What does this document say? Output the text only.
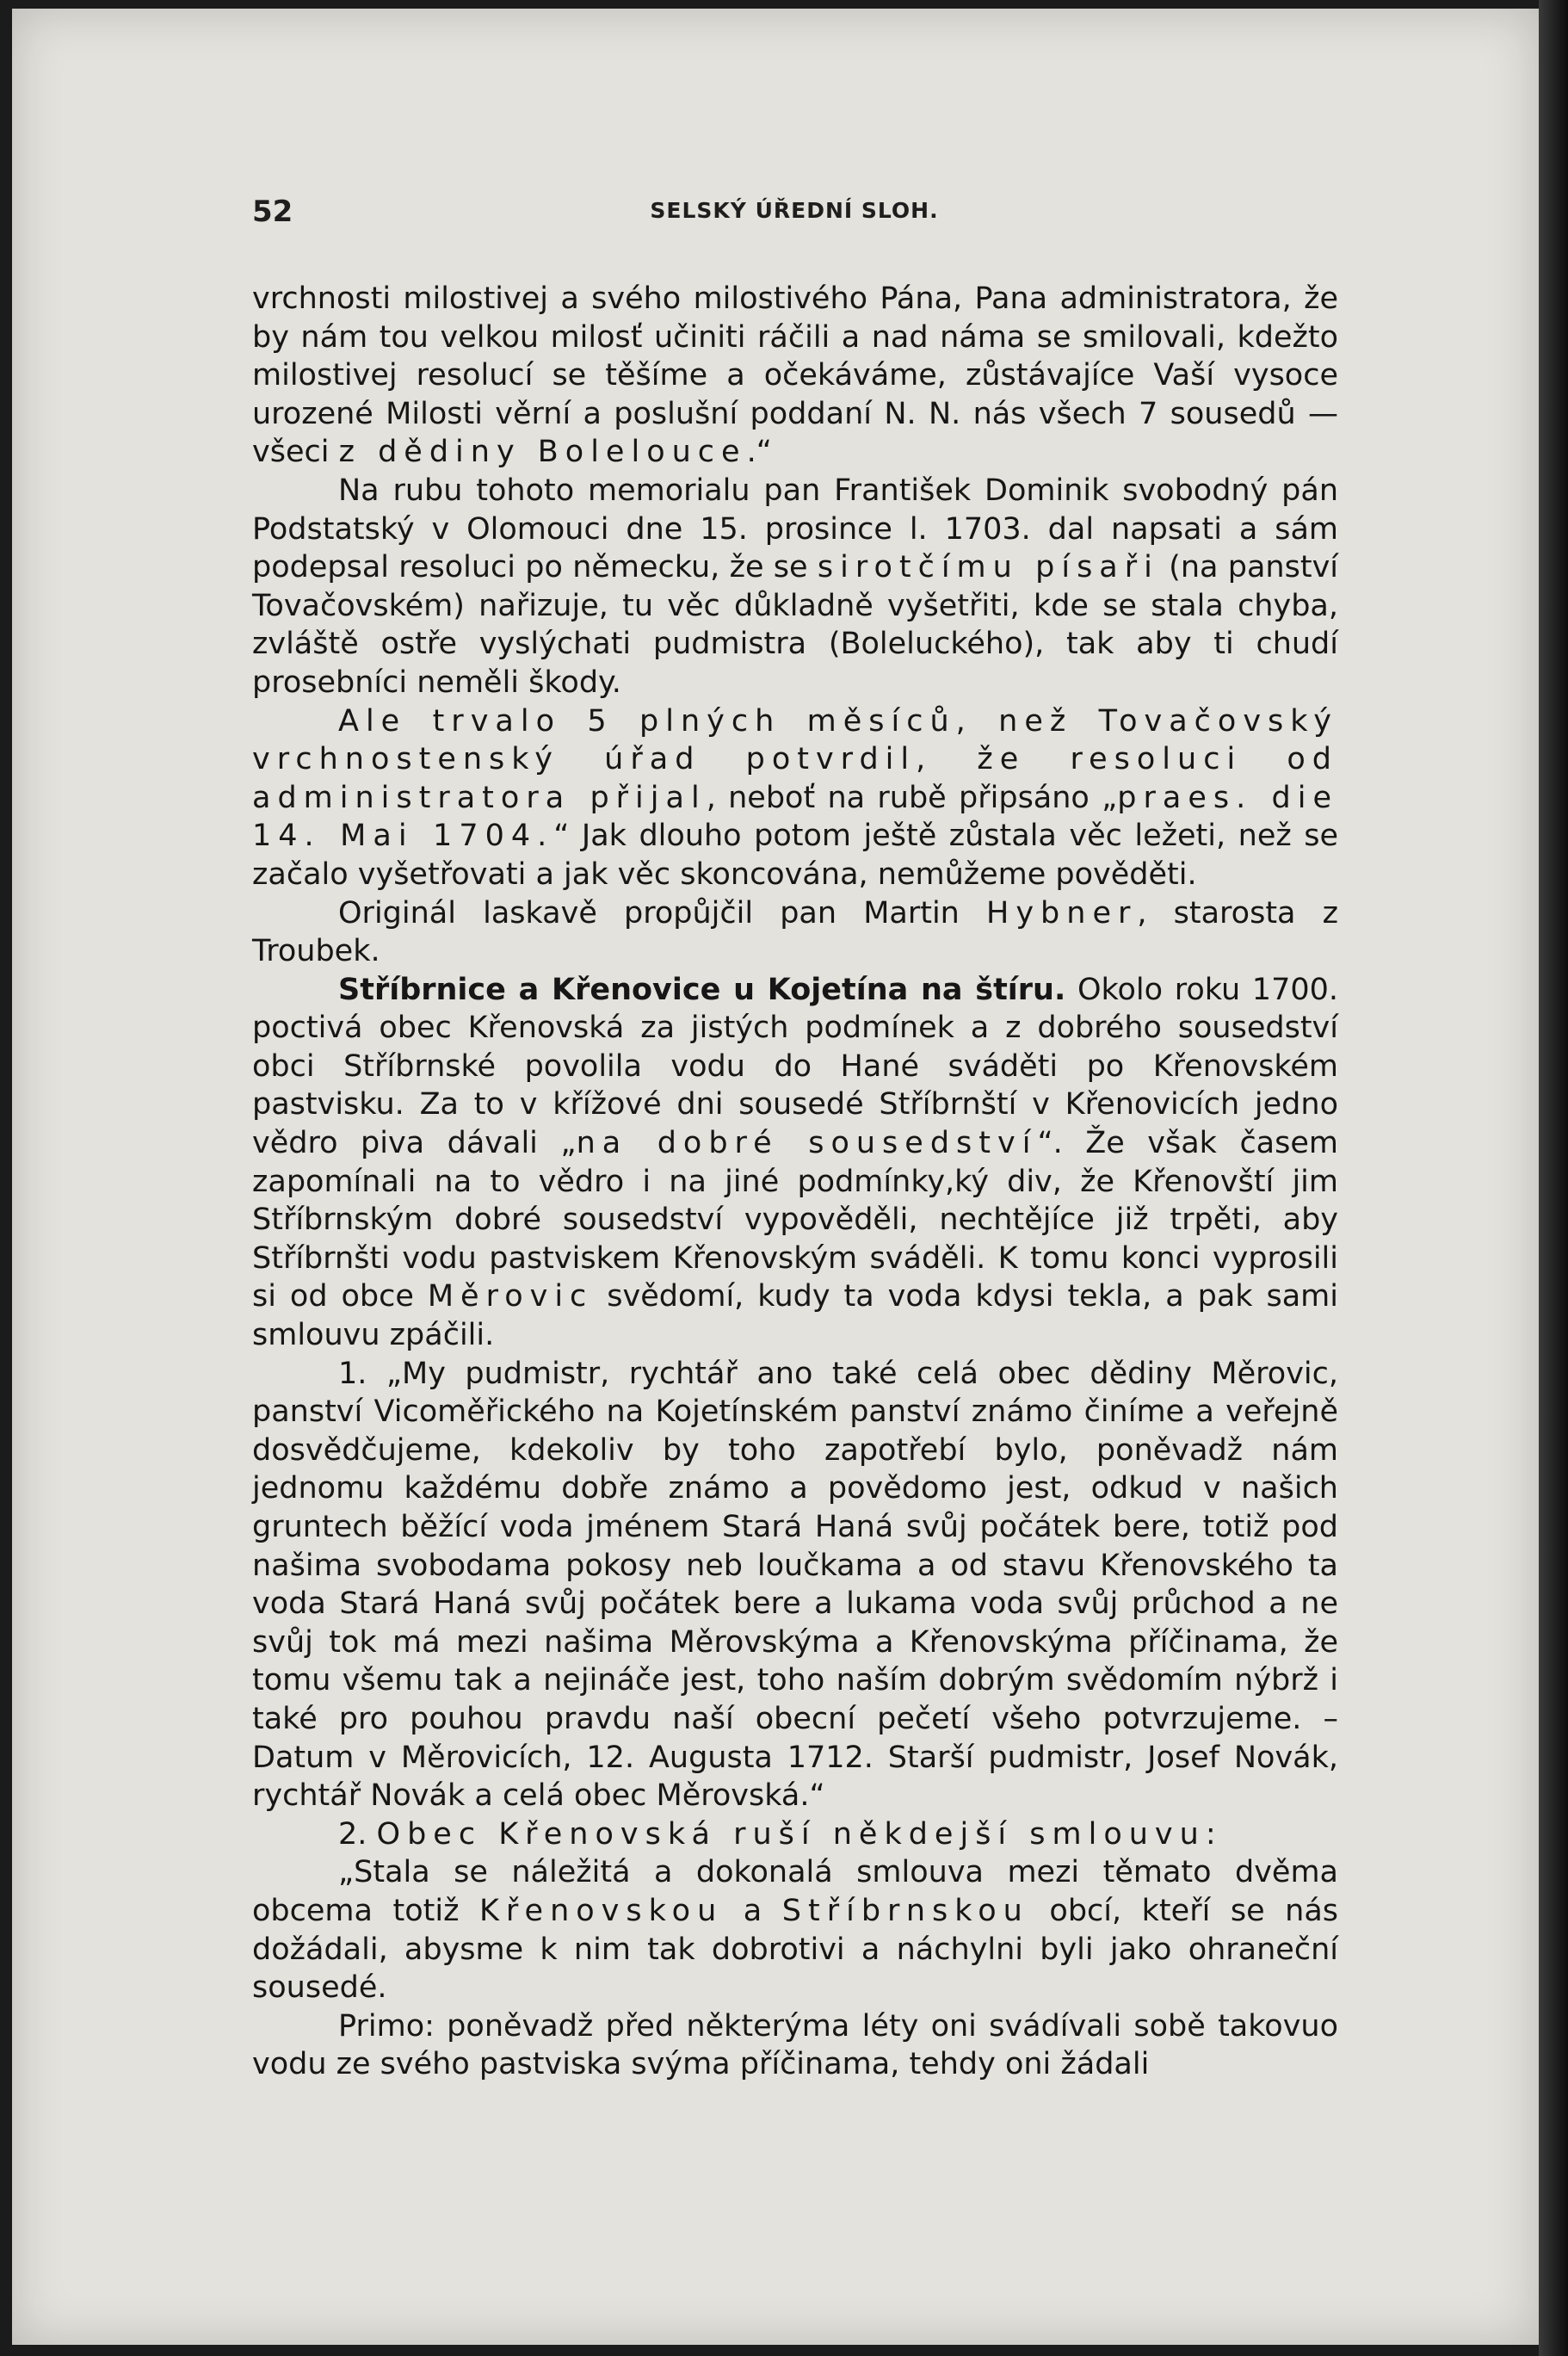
52	SELSKÝ ÚŘEDNÍ SLOH.

vrchnosti milostivej a svého milostivého Pána, Pana administratora, že by nám tou velkou milosť učiniti ráčili a nad náma se smilovali, kdežto milostivej resolucí se těšíme a očekáváme, zůstávajíce Vaší vysoce urozené Milosti věrní a poslušní poddaní N. N. nás všech 7 sousedů — všeci z dědiny Bolelouce.“

Na rubu tohoto memorialu pan František Dominik svobodný pán Podstatský v Olomouci dne 15. prosince l. 1703. dal napsati a sám podepsal resoluci po německu, že se sirotčímu písaři (na panství Tovačovském) nařizuje, tu věc důkladně vyšetřiti, kde se stala chyba, zvláště ostře vyslýchati pudmistra (Boleluckého), tak aby ti chudí prosebníci neměli škody.

Ale trvalo 5 plných měsíců, než Tovačovský vrchnostenský úřad potvrdil, že resoluci od administratora přijal, neboť na rubě připsáno „praes. die 14. Mai 1704.“ Jak dlouho potom ještě zůstala věc ležeti, než se začalo vyšetřovati a jak věc skoncována, nemůžeme pověděti.

Originál laskavě propůjčil pan Martin Hybner, starosta z Troubek.

Stříbrnice a Křenovice u Kojetína na štíru. Okolo roku 1700. poctivá obec Křenovská za jistých podmínek a z dobrého sousedství obci Stříbrnské povolila vodu do Hané sváděti po Křenovském pastvisku. Za to v křížové dni sousedé Stříbrnští v Křenovicích jedno vědro piva dávali „na dobré sousedství“. Že však časem zapomínali na to vědro i na jiné podmínky,ký div, že Křenovští jim Stříbrnským dobré sousedství vypověděli, nechtějíce již trpěti, aby Stříbrnšti vodu pastviskem Křenovským sváděli. K tomu konci vyprosili si od obce Měrovic svědomí, kudy ta voda kdysi tekla, a pak sami smlouvu zpáčili.

1. „My pudmistr, rychtář ano také celá obec dědiny Měrovic, panství Vicoměřického na Kojetínském panství známo činíme a veřejně dosvědčujeme, kdekoliv by toho zapotřebí bylo, poněvadž nám jednomu každému dobře známo a povědomo jest, odkud v našich gruntech běžící voda jménem Stará Haná svůj počátek bere, totiž pod našima svobodama pokosy neb loučkama a od stavu Křenovského ta voda Stará Haná svůj počátek bere a lukama voda svůj průchod a ne svůj tok má mezi našima Měrovskýma a Křenovskýma příčinama, že tomu všemu tak a nejináče jest, toho naším dobrým svědomím nýbrž i také pro pouhou pravdu naší obecní pečetí všeho potvrzujeme. – Datum v Měrovicích, 12. Augusta 1712. Starší pudmistr, Josef Novák, rychtář Novák a celá obec Měrovská.“

2. Obec Křenovská ruší někdejší smlouvu:

„Stala se náležitá a dokonalá smlouva mezi těmato dvěma obcema totiž Křenovskou a Stříbrnskou obcí, kteří se nás dožádali, abysme k nim tak dobrotivi a náchylni byli jako ohraneční sousedé.

Primo: poněvadž před některýma léty oni svádívali sobě takovuo vodu ze svého pastviska svýma příčinama, tehdy oni žádali
